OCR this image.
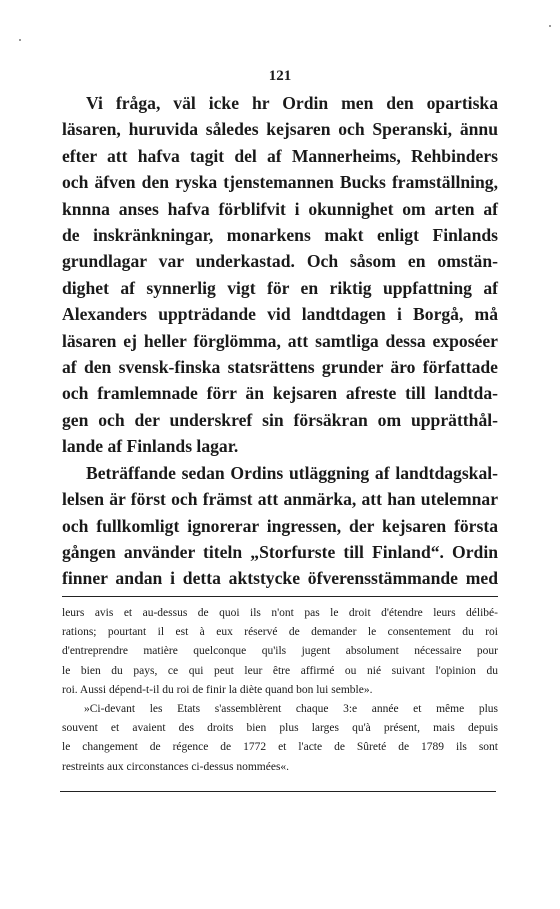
121
Vi fråga, väl icke hr Ordin men den opartiska
läsaren, huruvida således kejsaren och Speranski, ännu
efter att hafva tagit del af Mannerheims, Rehbinders
och äfven den ryska tjenstemannen Bucks framställning,
knnna anses hafva förblifvit i okunnighet om arten af
de inskränkningar, monarkens makt enligt Finlands
grundlagar var underkastad. Och såsom en omstän-
dighet af synnerlig vigt för en riktig uppfattning af
Alexanders uppträdande vid landtdagen i Borgå, må
läsaren ej heller förglömma, att samtliga dessa exposéer
af den svensk-finska statsrättens grunder äro författade
och framlemnade förr än kejsaren afreste till landtda-
gen och der underskref sin försäkran om upprätthål-
lande af Finlands lagar.
Beträffande sedan Ordins utläggning af landtdagskal-
lelsen är först och främst att anmärka, att han utelemnar
och fullkomligt ignorerar ingressen, der kejsaren första
gången använder titeln „Storfurste till Finland“. Ordin
finner andan i detta aktstycke öfverensstämmande med
leurs avis et au-dessus de quoi ils n'ont pas le droit d'étendre leurs délibé-
rations; pourtant il est à eux réservé de demander le consentement du roi
d'entreprendre matière quelconque qu'ils jugent absolument nécessaire pour
le bien du pays, ce qui peut leur être affirmé ou nié suivant l'opinion du
roi. Aussi dépend-t-il du roi de finir la diète quand bon lui semble».
»Ci-devant les Etats s'assemblèrent chaque 3:e année et même plus
souvent et avaient des droits bien plus larges qu'à présent, mais depuis
le changement de régence de 1772 et l'acte de Sûreté de 1789 ils sont
restreints aux circonstances ci-dessus nommées«.
